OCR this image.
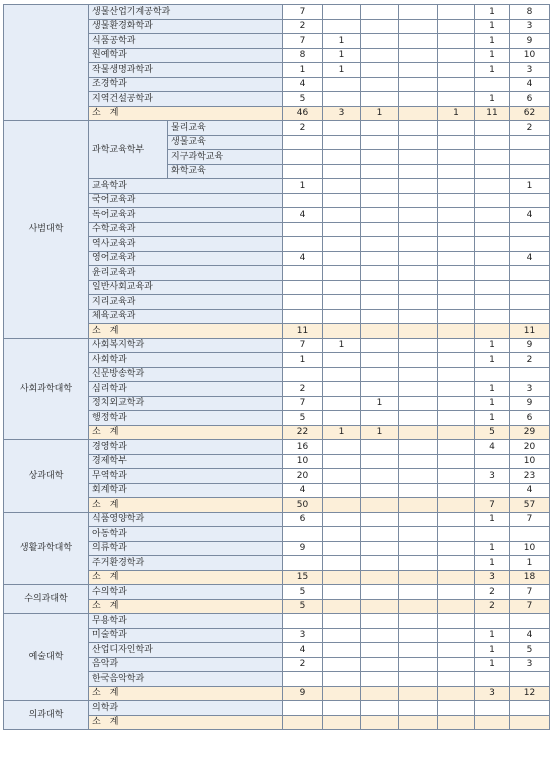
	생물산업기계공학과		7					1	8
	생물환경화학과		2					1	3
	식품공학과		7	1				1	9
	원예학과		8	1				1	10
	작물생명과학과		1	1				1	3
	조경학과		4						4
	지역건설공학과		5					1	6
	소　계		46	3	1		1	11	62
사범대학	과학교육학부	물리교육	2						2
		생물교육							
		지구과학교육							
		화학교육							
	교육학과		1						1
	국어교육과								
	독어교육과		4						4
	수학교육과								
	역사교육과								
	영어교육과		4						4
	윤리교육과								
	일반사회교육과								
	지리교육과								
	체육교육과								
	소　계		11						11
사회과학대학	사회복지학과		7	1				1	9
	사회학과		1					1	2
	신문방송학과								
	심리학과		2					1	3
	정치외교학과		7		1			1	9
	행정학과		5					1	6
	소　계		22	1	1			5	29
상과대학	경영학과		16					4	20
	경제학부		10						10
	무역학과		20					3	23
	회계학과		4						4
	소　계		50					7	57
생활과학대학	식품영양학과		6					1	7
	아동학과								
	의류학과		9					1	10
	주거환경학과							1	1
	소　계		15					3	18
수의과대학	수의학과		5					2	7
	소　계		5					2	7
예술대학	무용학과								
	미술학과		3					1	4
	산업디자인학과		4					1	5
	음악과		2					1	3
	한국음악학과								
	소　계		9					3	12
의과대학	의학과								
	소　계								
